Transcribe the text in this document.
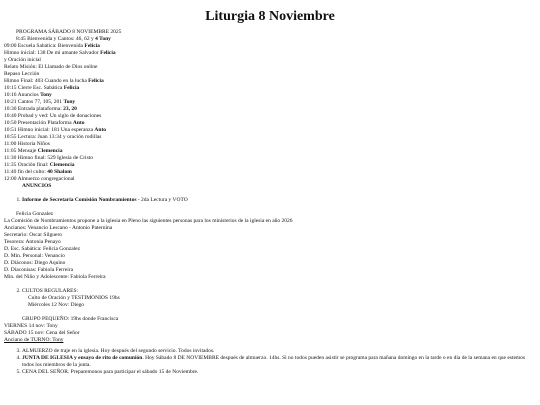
Liturgia 8 Noviembre
PROGRAMA SÁBADO 8 NOVIEMBRE 2025
8:45 Bienvenida y Cantos: 46, 62 y 4 Tony
09:00 Escuela Sabática: Bienvenida Felicia
Himno inicial: 138 De mi amante Salvador Felicia
y Oración inicial
Relato Misión: El Llamado de Dios online
Repaso Lección
Himno Final: 403 Cuando en la lucha Felicia
10:15 Cierre Esc. Sabática Felicia
10:16 Anuncios Tony
10:21 Cantos 77, 105, 201 Tony
10:30 Entrada plataforma: 23, 20
10:40 Probad y ved: Un siglo de donaciones
10:50 Presentación Plataforma Anto
10:51 Himno inicial: 181 Una esperanza Anto
10:55 Lectura: Juan 13:34 y oración rodillas
11:00 Historia Niños
11:05 Mensaje Clemencia
11:30 Himno final: 529 Iglesia de Cristo
11:35 Oración final: Clemencia
11:40 fin del culto: 40 Shalom
12:00 Almuerzo congregacional
ANUNCIOS
1. Informe de Secretaria Comisión Nombramientos - 2da Lectura y VOTO
Felicia Gonzalez
La Comisión de Nombramientos propone a la iglesia en Pleno las siguientes personas para los ministerios de la iglesia en año 2026
Ancianos: Venancio Lescano - Antonio Paternina
Secretario: Oscar Silguero
Tesorera: Antonia Penayo
D. Esc. Sabática: Felicia Gonzalez
D. Min. Personal: Venancio
D. Diáconos: Diego Aquino
D. Diaconisas: Fabiola Ferreira
Min. del Niño y Adolescente: Fabiola Ferreira
2. CULTOS REGULARES:
Culto de Oración y TESTIMONIOS 19hs
Miércoles 12 Nov: Diego
GRUPO PEQUEÑO: 19hs donde Francisca
VIERNES 14 nov: Tony
SÁBADO 15 nov: Cena del Señor
Anciano de TURNO: Tony
3. ALMUERZO de traje en la iglesia. Hoy después del segundo servicio. Todos invitados.
4. JUNTA DE IGLESIA y ensayo de rito de comunión. Hoy Sábado 8 DE NOVIEMBRE después de almuerzo. 14hs. Si no todos pueden asistir se programa para mañana domingo en la tarde o en día de la semana en que estemos todos los miembros de la junta.
5. CENA DEL SEÑOR. Preparemonos para participar el sábado 15 de Noviembre.
